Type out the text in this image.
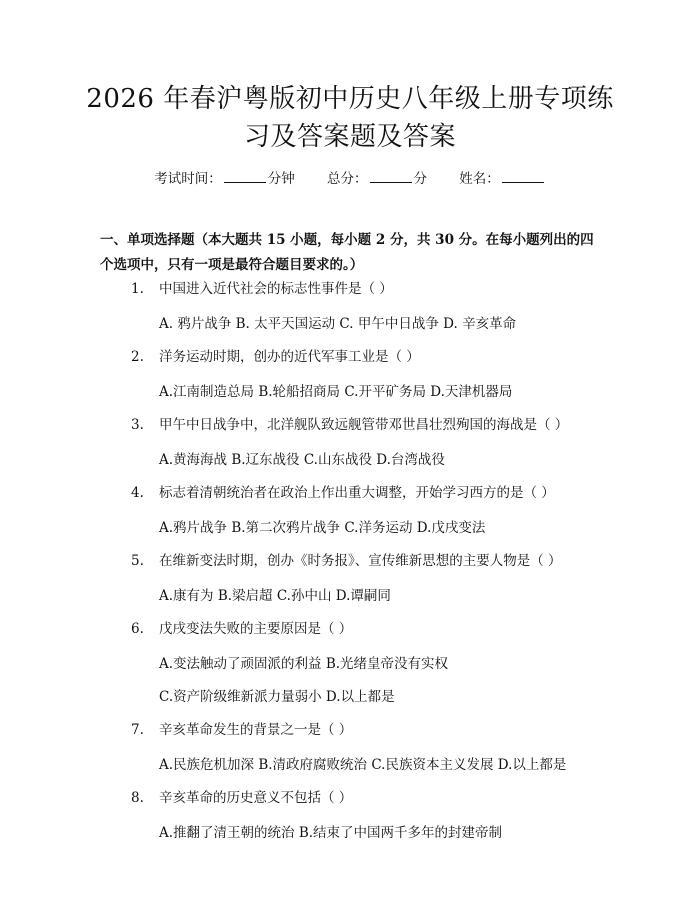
2026 年春沪粤版初中历史八年级上册专项练
习及答案题及答案
考试时间：	分钟 总分：	分 姓名：
一、单项选择题（本大题共 15 小题，每小题 2 分，共 30 分。在每小题列出的四个选项中，只有一项是最符合题目要求的。）
1. 中国进入近代社会的标志性事件是（ ）
A. 鸦片战争 B. 太平天国运动 C. 甲午中日战争 D. 辛亥革命
2. 洋务运动时期，创办的近代军事工业是（ ）
A.江南制造总局 B.轮船招商局 C.开平矿务局 D.天津机器局
3. 甲午中日战争中，北洋舰队致远舰管带邓世昌壮烈殉国的海战是（ ）
A.黄海海战 B.辽东战役 C.山东战役 D.台湾战役
4. 标志着清朝统治者在政治上作出重大调整，开始学习西方的是（ ）
A.鸦片战争 B.第二次鸦片战争 C.洋务运动 D.戊戌变法
5. 在维新变法时期，创办《时务报》、宣传维新思想的主要人物是（ ）
A.康有为 B.梁启超 C.孙中山 D.谭嗣同
6. 戊戌变法失败的主要原因是（ ）
A.变法触动了顽固派的利益 B.光绪皇帝没有实权
C.资产阶级维新派力量弱小 D.以上都是
7. 辛亥革命发生的背景之一是（ ）
A.民族危机加深 B.清政府腐败统治 C.民族资本主义发展 D.以上都是
8. 辛亥革命的历史意义不包括（ ）
A.推翻了清王朝的统治 B.结束了中国两千多年的封建帝制
